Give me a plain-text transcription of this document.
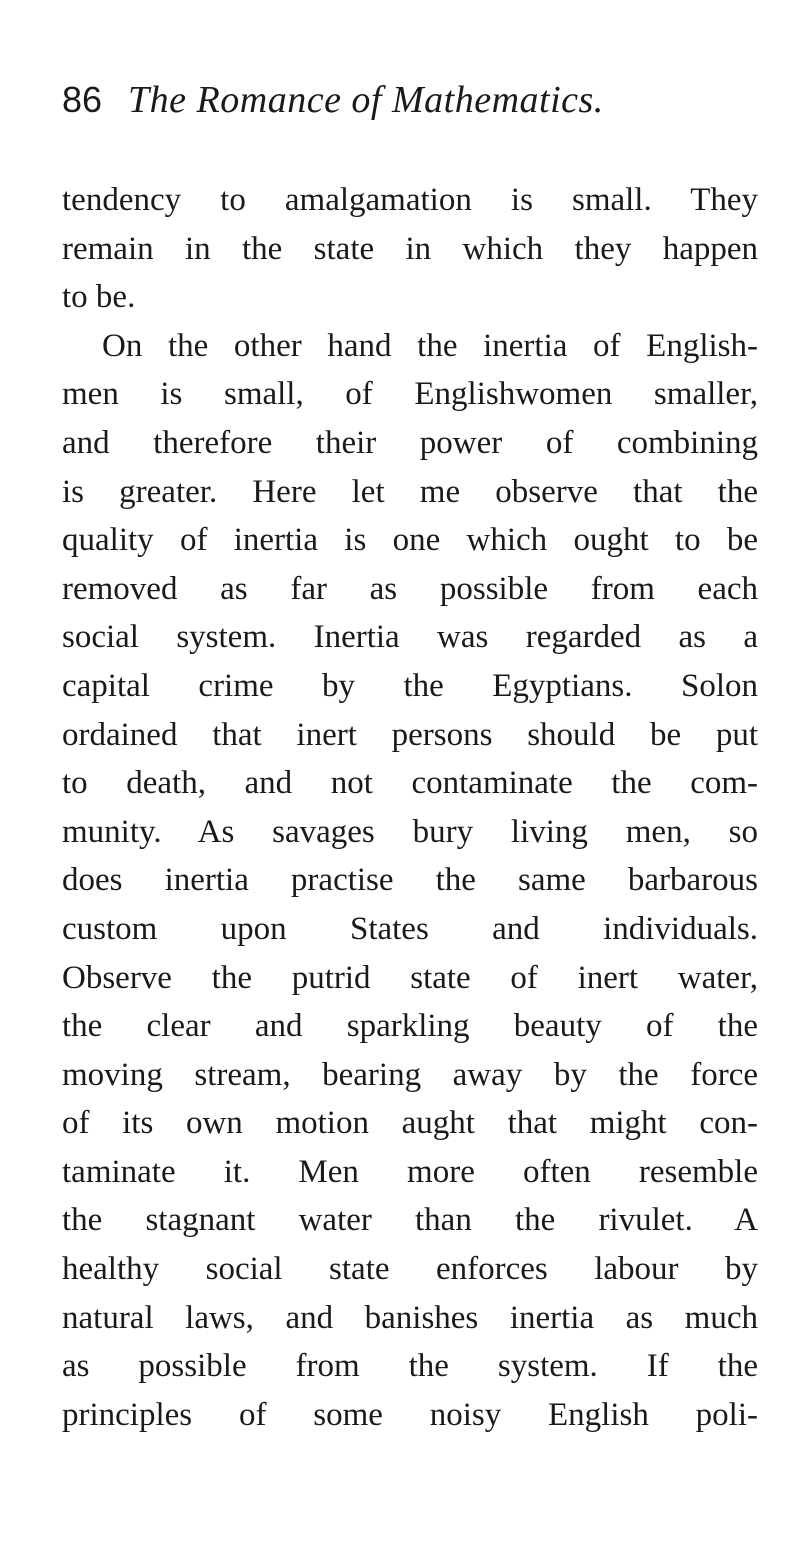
86 The Romance of Mathematics.
tendency to amalgamation is small. They
remain in the state in which they happen
to be.
On the other hand the inertia of English-
men is small, of Englishwomen smaller,
and therefore their power of combining
is greater. Here let me observe that the
quality of inertia is one which ought to be
removed as far as possible from each
social system. Inertia was regarded as a
capital crime by the Egyptians. Solon
ordained that inert persons should be put
to death, and not contaminate the com-
munity. As savages bury living men, so
does inertia practise the same barbarous
custom upon States and individuals.
Observe the putrid state of inert water,
the clear and sparkling beauty of the
moving stream, bearing away by the force
of its own motion aught that might con-
taminate it. Men more often resemble
the stagnant water than the rivulet. A
healthy social state enforces labour by
natural laws, and banishes inertia as much
as possible from the system. If the
principles of some noisy English poli-
